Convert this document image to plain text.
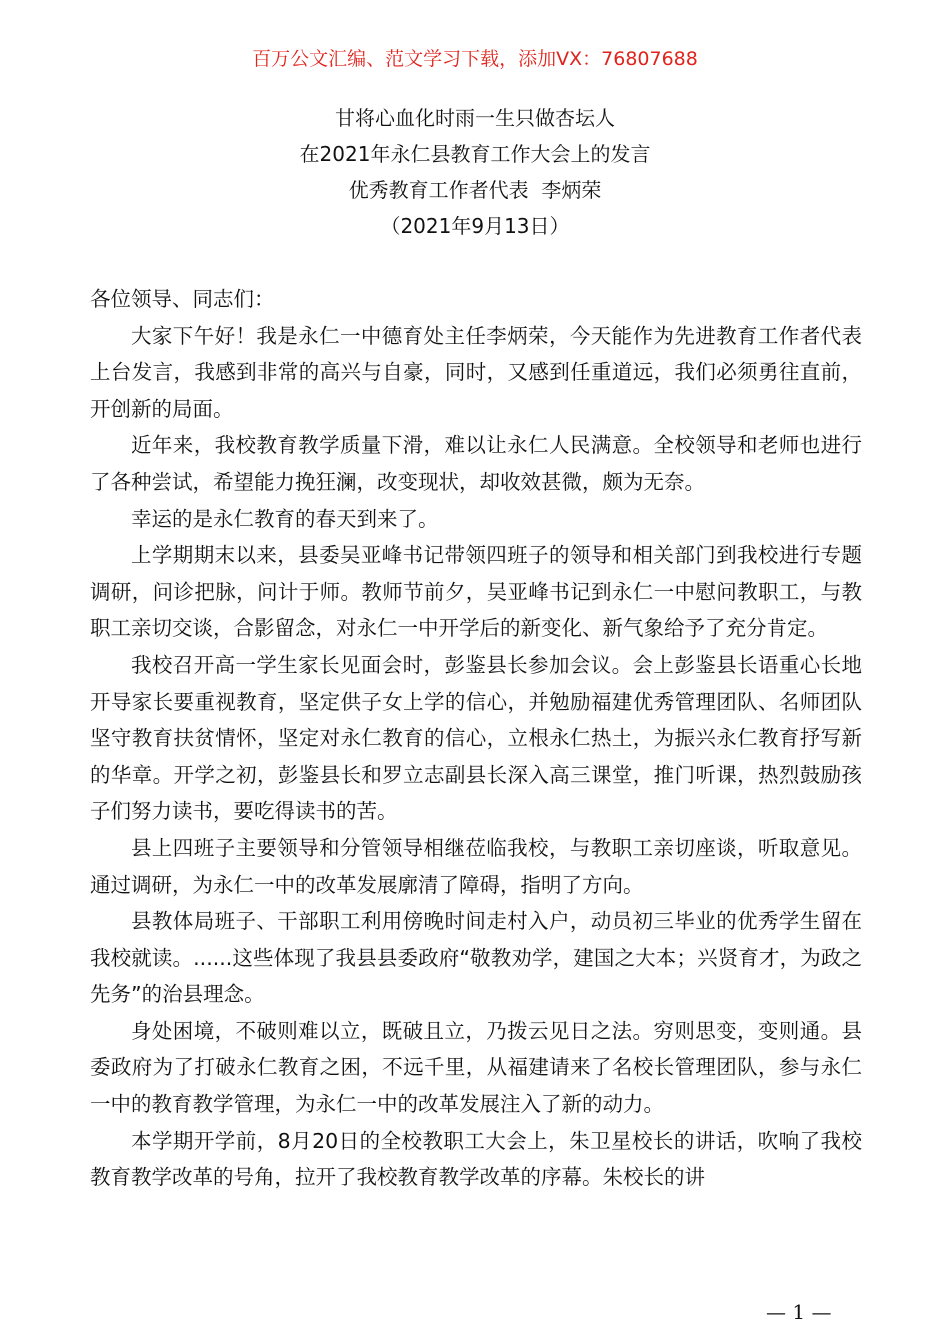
百万公文汇编、范文学习下载，添加VX：76807688
甘将心血化时雨一生只做杏坛人
在2021年永仁县教育工作大会上的发言
优秀教育工作者代表  李炳荣
（2021年9月13日）

各位领导、同志们：

大家下午好！我是永仁一中德育处主任李炳荣，今天能作为先进教育工作者代表上台发言，我感到非常的高兴与自豪，同时，又感到任重道远，我们必须勇往直前，开创新的局面。

近年来，我校教育教学质量下滑，难以让永仁人民满意。全校领导和老师也进行了各种尝试，希望能力挽狂澜，改变现状，却收效甚微，颇为无奈。

幸运的是永仁教育的春天到来了。

上学期期末以来，县委吴亚峰书记带领四班子的领导和相关部门到我校进行专题调研，问诊把脉，问计于师。教师节前夕，吴亚峰书记到永仁一中慰问教职工，与教职工亲切交谈，合影留念，对永仁一中开学后的新变化、新气象给予了充分肯定。

我校召开高一学生家长见面会时，彭鉴县长参加会议。会上彭鉴县长语重心长地开导家长要重视教育，坚定供子女上学的信心，并勉励福建优秀管理团队、名师团队坚守教育扶贫情怀，坚定对永仁教育的信心，立根永仁热土，为振兴永仁教育抒写新的华章。开学之初，彭鉴县长和罗立志副县长深入高三课堂，推门听课，热烈鼓励孩子们努力读书，要吃得读书的苦。

县上四班子主要领导和分管领导相继莅临我校，与教职工亲切座谈，听取意见。通过调研，为永仁一中的改革发展廓清了障碍，指明了方向。

县教体局班子、干部职工利用傍晚时间走村入户，动员初三毕业的优秀学生留在我校就读。......这些体现了我县县委政府“敬教劝学，建国之大本；兴贤育才，为政之先务”的治县理念。

身处困境，不破则难以立，既破且立，乃拨云见日之法。穷则思变，变则通。县委政府为了打破永仁教育之困，不远千里，从福建请来了名校长管理团队，参与永仁一中的教育教学管理，为永仁一中的改革发展注入了新的动力。

本学期开学前，8月20日的全校教职工大会上，朱卫星校长的讲话，吹响了我校教育教学改革的号角，拉开了我校教育教学改革的序幕。朱校长的讲

— 1 —
